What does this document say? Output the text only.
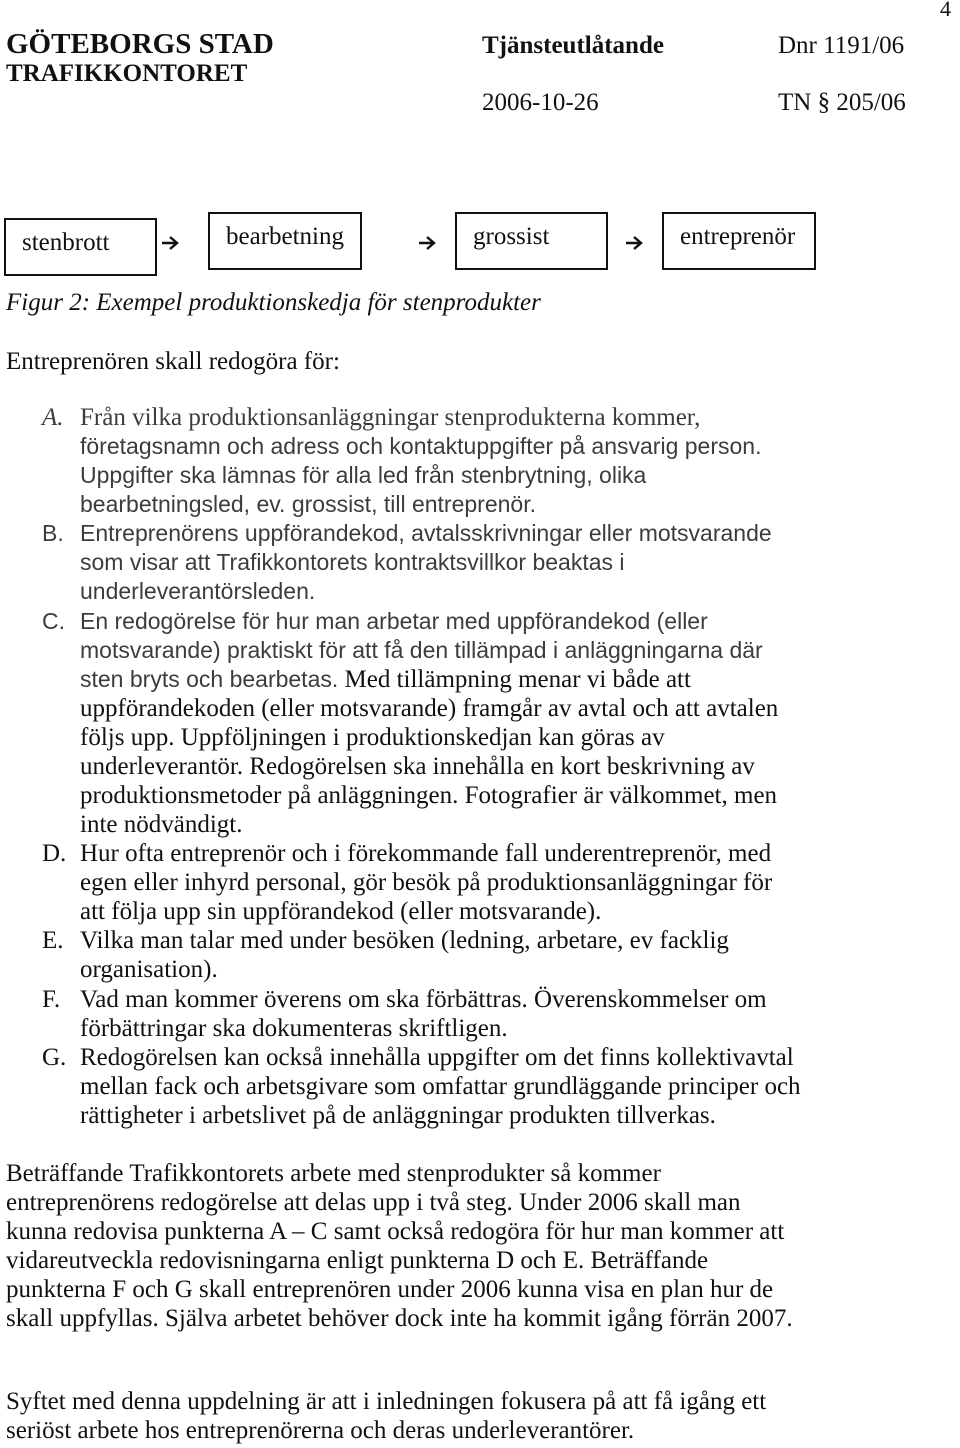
4
GÖTEBORGS STAD
TRAFIKKONTORET
Tjänsteutlåtande	Dnr 1191/06
2006-10-26	TN § 205/06
stenbrott	bearbetning	grossist	entreprenör
Figur 2: Exempel produktionskedja för stenprodukter

Entreprenören skall redogöra för:

A. Från vilka produktionsanläggningar stenprodukterna kommer,
företagsnamn och adress och kontaktuppgifter på ansvarig person.
Uppgifter ska lämnas för alla led från stenbrytning, olika
bearbetningsled, ev. grossist, till entreprenör.
B. Entreprenörens uppförandekod, avtalsskrivningar eller motsvarande
som visar att Trafikkontorets kontraktsvillkor beaktas i
underleverantörsleden.
C. En redogörelse för hur man arbetar med uppförandekod (eller
motsvarande) praktiskt för att få den tillämpad i anläggningarna där
sten bryts och bearbetas. Med tillämpning menar vi både att
uppförandekoden (eller motsvarande) framgår av avtal och att avtalen
följs upp. Uppföljningen i produktionskedjan kan göras av
underleverantör. Redogörelsen ska innehålla en kort beskrivning av
produktionsmetoder på anläggningen. Fotografier är välkommet, men
inte nödvändigt.
D. Hur ofta entreprenör och i förekommande fall underentreprenör, med
egen eller inhyrd personal, gör besök på produktionsanläggningar för
att följa upp sin uppförandekod (eller motsvarande).
E. Vilka man talar med under besöken (ledning, arbetare, ev facklig
organisation).
F. Vad man kommer överens om ska förbättras. Överenskommelser om
förbättringar ska dokumenteras skriftligen.
G. Redogörelsen kan också innehålla uppgifter om det finns kollektivavtal
mellan fack och arbetsgivare som omfattar grundläggande principer och
rättigheter i arbetslivet på de anläggningar produkten tillverkas.
Beträffande Trafikkontorets arbete med stenprodukter så kommer
entreprenörens redogörelse att delas upp i två steg. Under 2006 skall man
kunna redovisa punkterna A – C samt också redogöra för hur man kommer att
vidareutveckla redovisningarna enligt punkterna D och E. Beträffande
punkterna F och G skall entreprenören under 2006 kunna visa en plan hur de
skall uppfyllas. Själva arbetet behöver dock inte ha kommit igång förrän 2007.
Syftet med denna uppdelning är att i inledningen fokusera på att få igång ett
seriöst arbete hos entreprenörerna och deras underleverantörer.
